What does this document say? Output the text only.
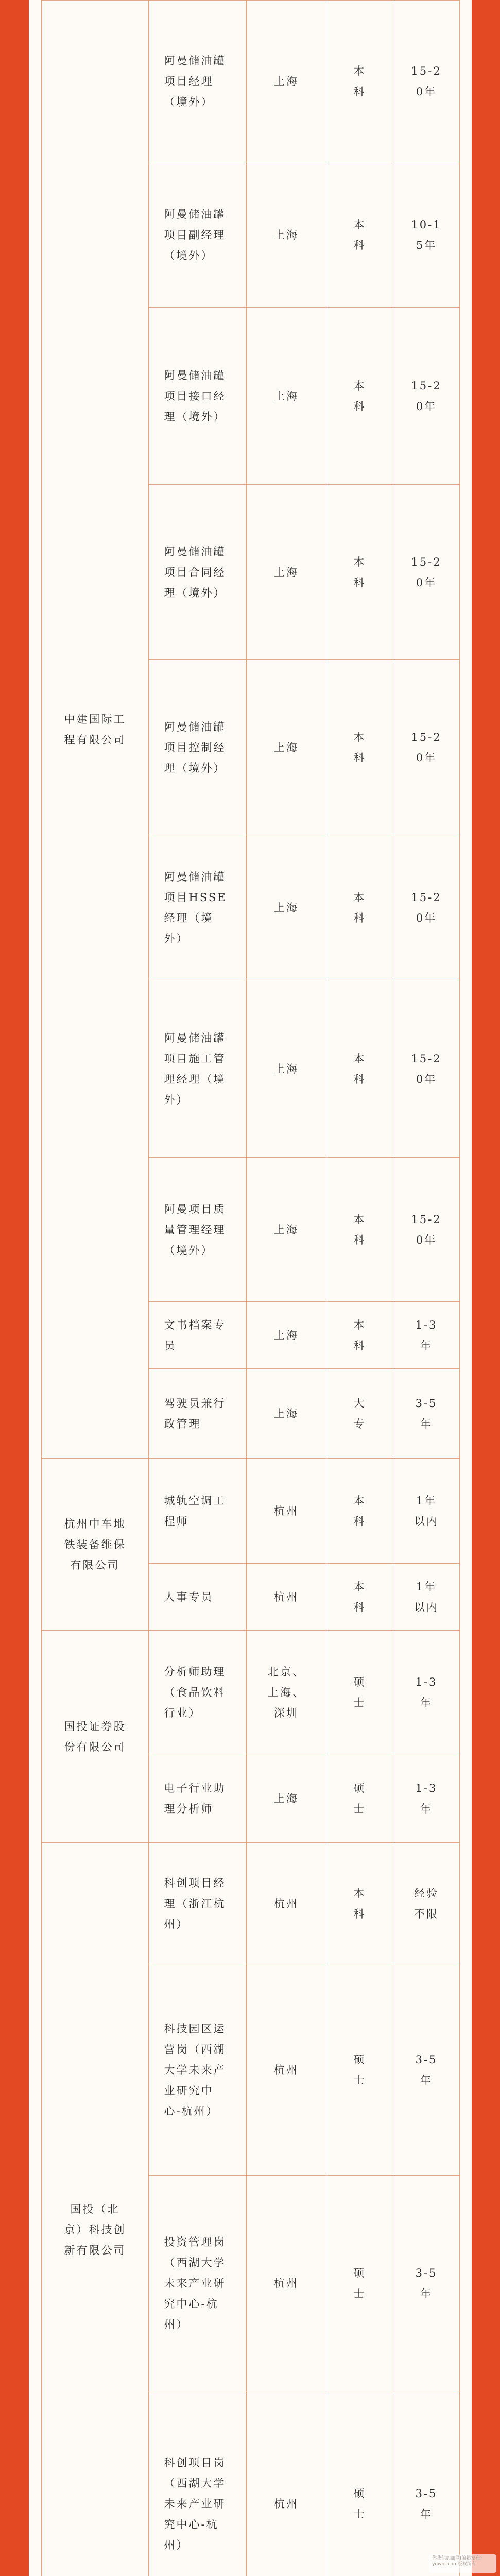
中建国际工程有限公司	阿曼储油罐项目经理（境外）	上海	本科	15-20年
	阿曼储油罐项目副经理（境外）	上海	本科	10-15年
	阿曼储油罐项目接口经理（境外）	上海	本科	15-20年
	阿曼储油罐项目合同经理（境外）	上海	本科	15-20年
	阿曼储油罐项目控制经理（境外）	上海	本科	15-20年
	阿曼储油罐项目HSSE经理（境外）	上海	本科	15-20年
	阿曼储油罐项目施工管理经理（境外）	上海	本科	15-20年
	阿曼项目质量管理经理（境外）	上海	本科	15-20年
	文书档案专员	上海	本科	1-3年
	驾驶员兼行政管理	上海	大专	3-5年
杭州中车地铁装备维保有限公司	城轨空调工程师	杭州	本科	1年以内
	人事专员	杭州	本科	1年以内
国投证券股份有限公司	分析师助理（食品饮料行业）	北京、上海、深圳	硕士	1-3年
	电子行业助理分析师	上海	硕士	1-3年
国投（北京）科技创新有限公司	科创项目经理（浙江杭州）	杭州	本科	经验不限
	科技园区运营岗（西湖大学未来产业研究中心-杭州）	杭州	硕士	3-5年
	投资管理岗（西湖大学未来产业研究中心-杭州）	杭州	硕士	3-5年
	科创项目岗（西湖大学未来产业研究中心-杭州）	杭州	硕士	3-5年

你我他加加网(编辑发布)
ynwbt.com版权所有
